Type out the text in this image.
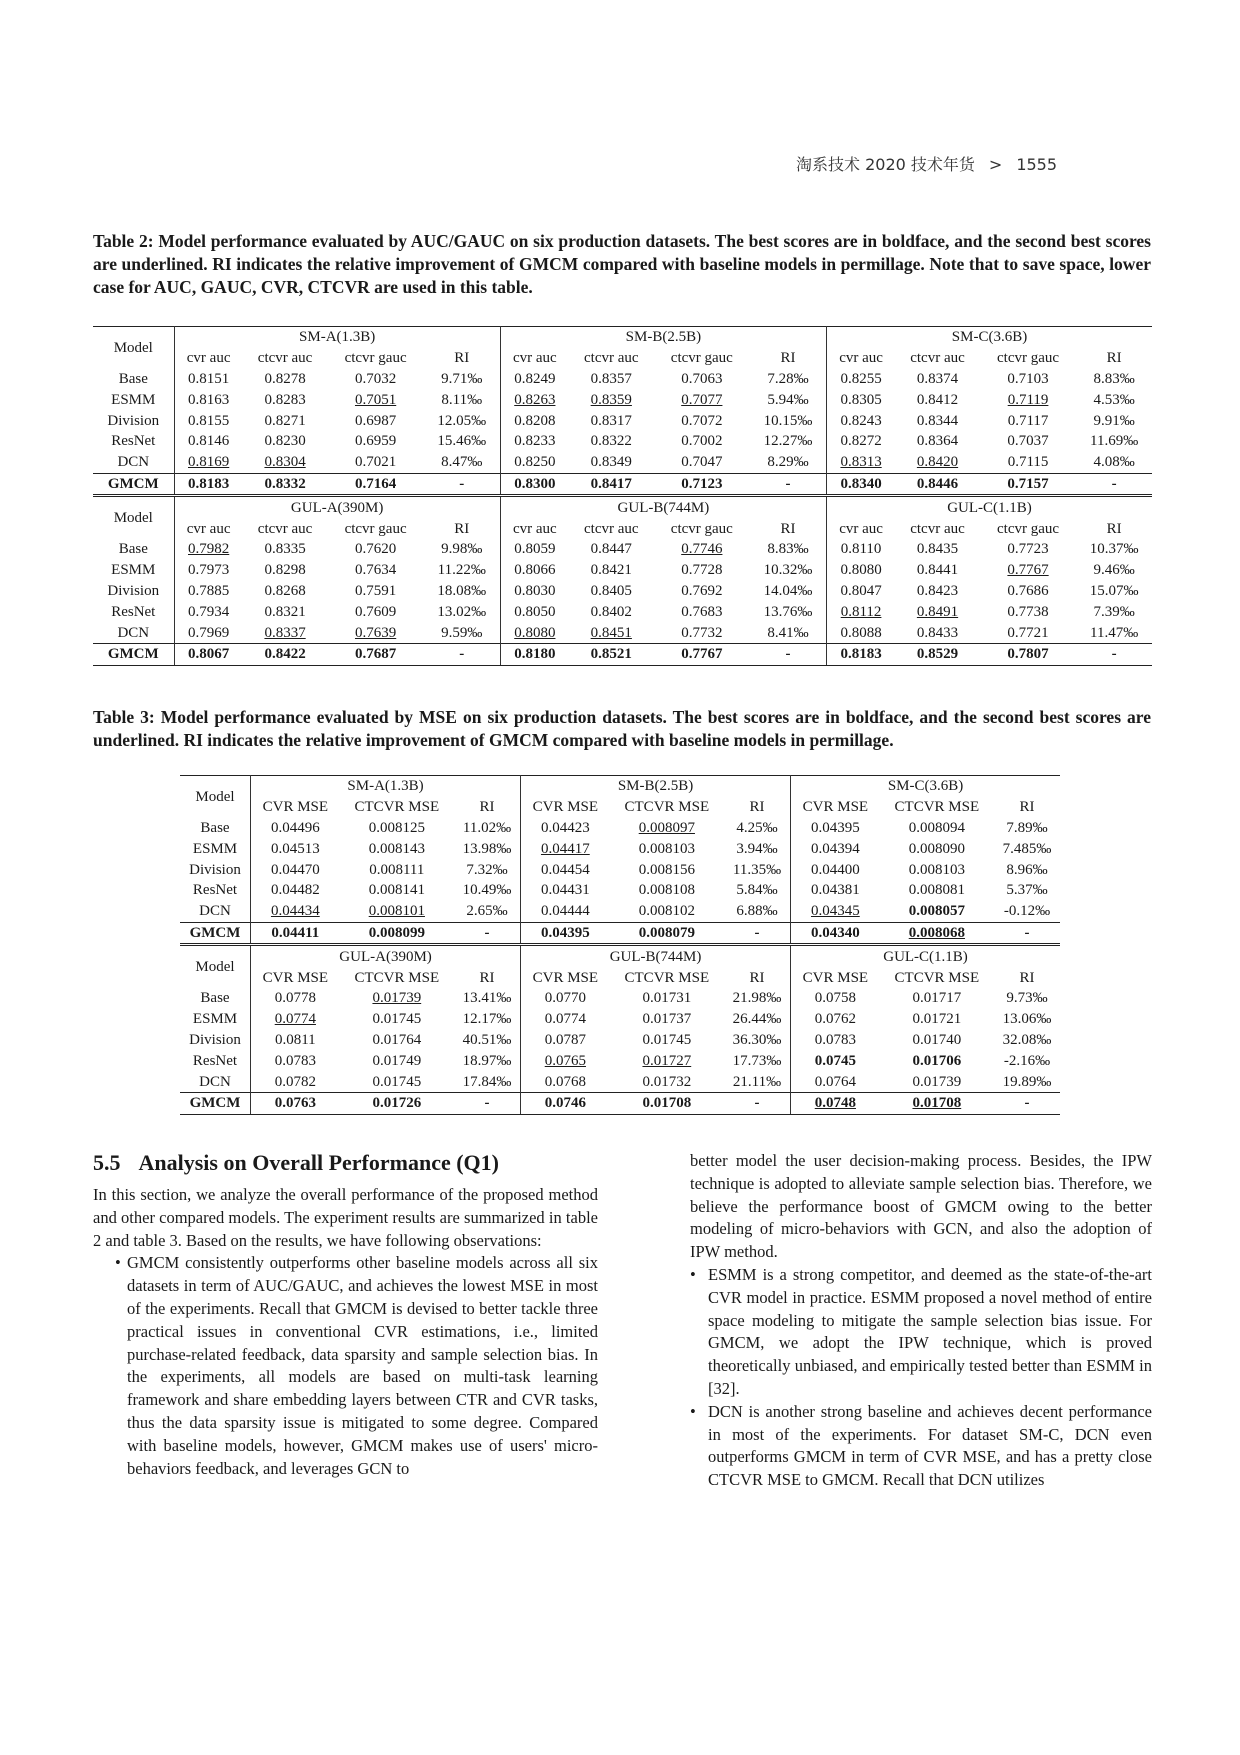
淘系技术 2020 技术年货 > 1555
Table 2: Model performance evaluated by AUC/GAUC on six production datasets. The best scores are in boldface, and the second best scores are underlined. RI indicates the relative improvement of GMCM compared with baseline models in permillage. Note that to save space, lower case for AUC, GAUC, CVR, CTCVR are used in this table.
Model	SM-A(1.3B)				SM-B(2.5B)				SM-C(3.6B)			
	cvr auc	ctcvr auc	ctcvr gauc	RI	cvr auc	ctcvr auc	ctcvr gauc	RI	cvr auc	ctcvr auc	ctcvr gauc	RI
Base	0.8151	0.8278	0.7032	9.71‰	0.8249	0.8357	0.7063	7.28‰	0.8255	0.8374	0.7103	8.83‰
ESMM	0.8163	0.8283	0.7051	8.11‰	0.8263	0.8359	0.7077	5.94‰	0.8305	0.8412	0.7119	4.53‰
Division	0.8155	0.8271	0.6987	12.05‰	0.8208	0.8317	0.7072	10.15‰	0.8243	0.8344	0.7117	9.91‰
ResNet	0.8146	0.8230	0.6959	15.46‰	0.8233	0.8322	0.7002	12.27‰	0.8272	0.8364	0.7037	11.69‰
DCN	0.8169	0.8304	0.7021	8.47‰	0.8250	0.8349	0.7047	8.29‰	0.8313	0.8420	0.7115	4.08‰
GMCM	0.8183	0.8332	0.7164	-	0.8300	0.8417	0.7123	-	0.8340	0.8446	0.7157	-
Model	GUL-A(390M)				GUL-B(744M)				GUL-C(1.1B)			
	cvr auc	ctcvr auc	ctcvr gauc	RI	cvr auc	ctcvr auc	ctcvr gauc	RI	cvr auc	ctcvr auc	ctcvr gauc	RI
Base	0.7982	0.8335	0.7620	9.98‰	0.8059	0.8447	0.7746	8.83‰	0.8110	0.8435	0.7723	10.37‰
ESMM	0.7973	0.8298	0.7634	11.22‰	0.8066	0.8421	0.7728	10.32‰	0.8080	0.8441	0.7767	9.46‰
Division	0.7885	0.8268	0.7591	18.08‰	0.8030	0.8405	0.7692	14.04‰	0.8047	0.8423	0.7686	15.07‰
ResNet	0.7934	0.8321	0.7609	13.02‰	0.8050	0.8402	0.7683	13.76‰	0.8112	0.8491	0.7738	7.39‰
DCN	0.7969	0.8337	0.7639	9.59‰	0.8080	0.8451	0.7732	8.41‰	0.8088	0.8433	0.7721	11.47‰
GMCM	0.8067	0.8422	0.7687	-	0.8180	0.8521	0.7767	-	0.8183	0.8529	0.7807	-
Table 3: Model performance evaluated by MSE on six production datasets. The best scores are in boldface, and the second best scores are underlined. RI indicates the relative improvement of GMCM compared with baseline models in permillage.
Model	SM-A(1.3B)			SM-B(2.5B)			SM-C(3.6B)		
	CVR MSE	CTCVR MSE	RI	CVR MSE	CTCVR MSE	RI	CVR MSE	CTCVR MSE	RI
Base	0.04496	0.008125	11.02‰	0.04423	0.008097	4.25‰	0.04395	0.008094	7.89‰
ESMM	0.04513	0.008143	13.98‰	0.04417	0.008103	3.94‰	0.04394	0.008090	7.485‰
Division	0.04470	0.008111	7.32‰	0.04454	0.008156	11.35‰	0.04400	0.008103	8.96‰
ResNet	0.04482	0.008141	10.49‰	0.04431	0.008108	5.84‰	0.04381	0.008081	5.37‰
DCN	0.04434	0.008101	2.65‰	0.04444	0.008102	6.88‰	0.04345	0.008057	-0.12‰
GMCM	0.04411	0.008099	-	0.04395	0.008079	-	0.04340	0.008068	-
Model	GUL-A(390M)			GUL-B(744M)			GUL-C(1.1B)		
	CVR MSE	CTCVR MSE	RI	CVR MSE	CTCVR MSE	RI	CVR MSE	CTCVR MSE	RI
Base	0.0778	0.01739	13.41‰	0.0770	0.01731	21.98‰	0.0758	0.01717	9.73‰
ESMM	0.0774	0.01745	12.17‰	0.0774	0.01737	26.44‰	0.0762	0.01721	13.06‰
Division	0.0811	0.01764	40.51‰	0.0787	0.01745	36.30‰	0.0783	0.01740	32.08‰
ResNet	0.0783	0.01749	18.97‰	0.0765	0.01727	17.73‰	0.0745	0.01706	-2.16‰
DCN	0.0782	0.01745	17.84‰	0.0768	0.01732	21.11‰	0.0764	0.01739	19.89‰
GMCM	0.0763	0.01726	-	0.0746	0.01708	-	0.0748	0.01708	-
5.5 Analysis on Overall Performance (Q1)

In this section, we analyze the overall performance of the proposed method and other compared models. The experiment results are summarized in table 2 and table 3. Based on the results, we have following observations:

• GMCM consistently outperforms other baseline models across all six datasets in term of AUC/GAUC, and achieves the lowest MSE in most of the experiments. Recall that GMCM is devised to better tackle three practical issues in conventional CVR estimations, i.e., limited purchase-related feedback, data sparsity and sample selection bias. In the experiments, all models are based on multi-task learning framework and share embedding layers between CTR and CVR tasks, thus the data sparsity issue is mitigated to some degree. Compared with baseline models, however, GMCM makes use of users' micro-behaviors feedback, and leverages GCN to

better model the user decision-making process. Besides, the IPW technique is adopted to alleviate sample selection bias. Therefore, we believe the performance boost of GMCM owing to the better modeling of micro-behaviors with GCN, and also the adoption of IPW method.

• ESMM is a strong competitor, and deemed as the state-of-the-art CVR model in practice. ESMM proposed a novel method of entire space modeling to mitigate the sample selection bias issue. For GMCM, we adopt the IPW technique, which is proved theoretically unbiased, and empirically tested better than ESMM in [32].
• DCN is another strong baseline and achieves decent performance in most of the experiments. For dataset SM-C, DCN even outperforms GMCM in term of CVR MSE, and has a pretty close CTCVR MSE to GMCM. Recall that DCN utilizes
